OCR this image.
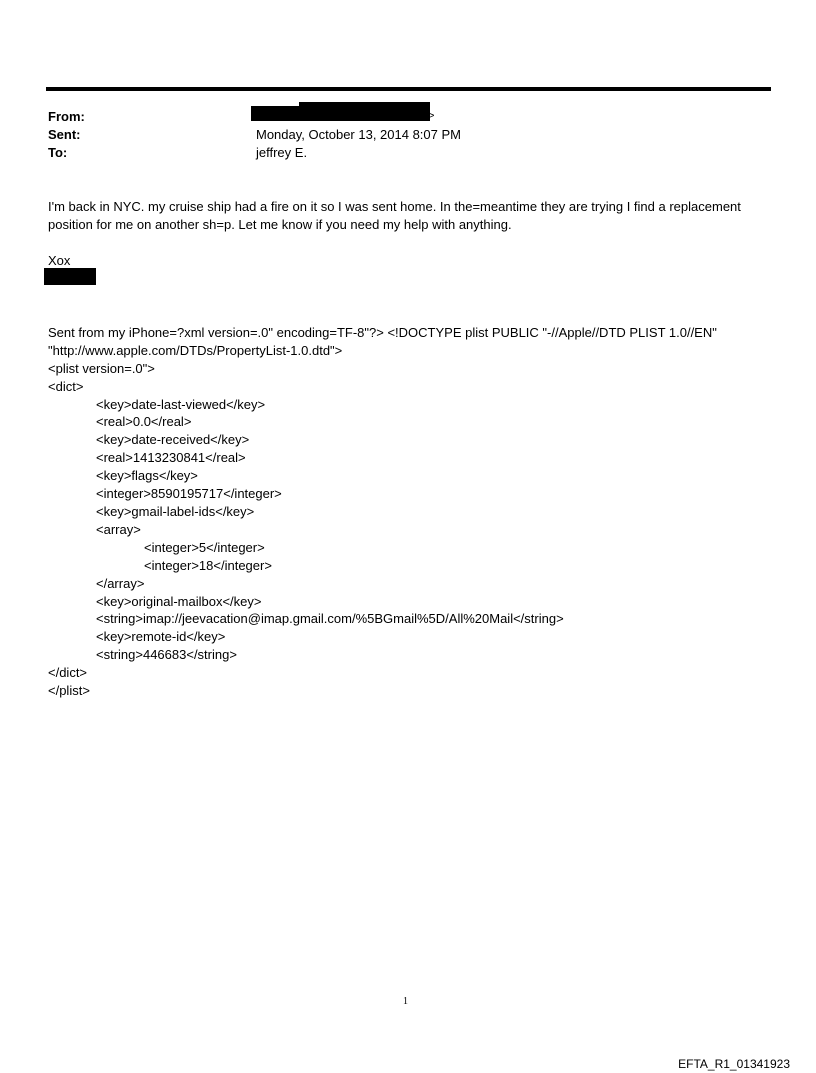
From:
Sent:
To:
>
Monday, October 13, 2014 8:07 PM
jeffrey E.
I'm back in NYC. my cruise ship had a fire on it so I was sent home. In the=meantime they are trying I find a replacement
position for me on another sh=p. Let me know if you need my help with anything.
Xox

Sent from my iPhone=?xml version=.0" encoding=TF-8"?> <!DOCTYPE plist PUBLIC "-//Apple//DTD PLIST 1.0//EN"
"http://www.apple.com/DTDs/PropertyList-1.0.dtd">
<plist version=.0">
<dict>
<key>date-last-viewed</key>
<real>0.0</real>
<key>date-received</key>
<real>1413230841</real>
<key>flags</key>
<integer>8590195717</integer>
<key>gmail-label-ids</key>
<array>
<integer>5</integer>
<integer>18</integer>
</array>
<key>original-mailbox</key>
<string>imap://jeevacation@imap.gmail.com/%5BGmail%5D/All%20Mail</string>
<key>remote-id</key>
<string>446683</string>
</dict>
</plist>
1
EFTA_R1_01341923
